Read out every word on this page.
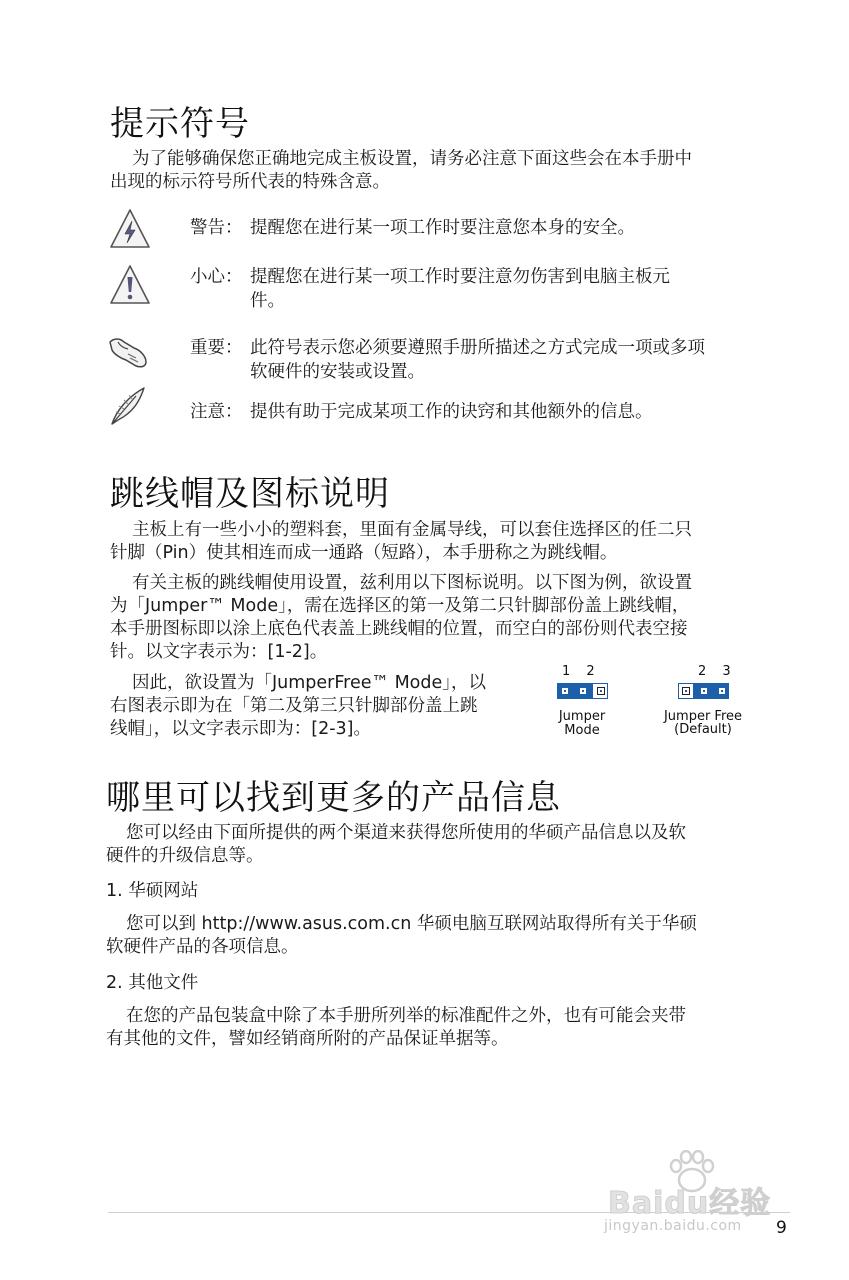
提示符号

为了能够确保您正确地完成主板设置，请务必注意下面这些会在本手册中

出现的标示符号所代表的特殊含意。

警告： 提醒您在进行某一项工作时要注意您本身的安全。
小心： 提醒您在进行某一项工作时要注意勿伤害到电脑主板元
件。
重要： 此符号表示您必须要遵照手册所描述之方式完成一项或多项
软硬件的安装或设置。
注意： 提供有助于完成某项工作的诀窍和其他额外的信息。
跳线帽及图标说明

主板上有一些小小的塑料套，里面有金属导线，可以套住选择区的任二只

针脚（Pin）使其相连而成一通路（短路），本手册称之为跳线帽。

有关主板的跳线帽使用设置，兹利用以下图标说明。以下图为例，欲设置

为「Jumper™ Mode」，需在选择区的第一及第二只针脚部份盖上跳线帽，

本手册图标即以涂上底色代表盖上跳线帽的位置，而空白的部份则代表空接

针。以文字表示为：[1-2]。

因此，欲设置为「JumperFree™ Mode」，以

右图表示即为在「第二及第三只针脚部份盖上跳

线帽」，以文字表示即为：[2-3]。

1 2
Jumper Mode
2 3
Jumper Free
(Default)
哪里可以找到更多的产品信息

您可以经由下面所提供的两个渠道来获得您所使用的华硕产品信息以及软

硬件的升级信息等。

1. 华硕网站

您可以到 http://www.asus.com.cn 华硕电脑互联网站取得所有关于华硕

软硬件产品的各项信息。

2. 其他文件

在您的产品包装盒中除了本手册所列举的标准配件之外，也有可能会夹带

有其他的文件，譬如经销商所附的产品保证单据等。

9
Baidu经验
jingyan.baidu.com
